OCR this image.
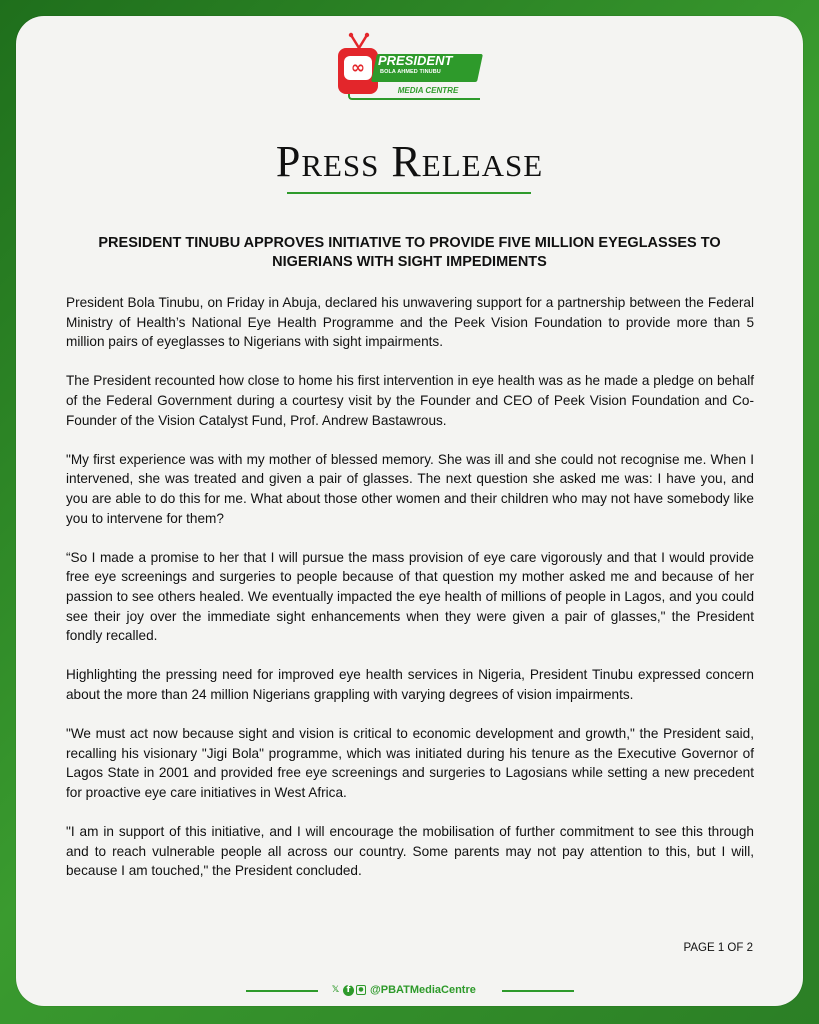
∞ PRESIDENT
BOLA AHMED TINUBU
MEDIA CENTRE
Press Release
PRESIDENT TINUBU APPROVES INITIATIVE TO PROVIDE FIVE MILLION EYEGLASSES TO NIGERIANS WITH SIGHT IMPEDIMENTS

President Bola Tinubu, on Friday in Abuja, declared his unwavering support for a partnership between the Federal Ministry of Health’s National Eye Health Programme and the Peek Vision Foundation to provide more than 5 million pairs of eyeglasses to Nigerians with sight impairments.

The President recounted how close to home his first intervention in eye health was as he made a pledge on behalf of the Federal Government during a courtesy visit by the Founder and CEO of Peek Vision Foundation and Co-Founder of the Vision Catalyst Fund, Prof. Andrew Bastawrous.

"My first experience was with my mother of blessed memory. She was ill and she could not recognise me. When I intervened, she was treated and given a pair of glasses. The next question she asked me was: I have you, and you are able to do this for me. What about those other women and their children who may not have somebody like you to intervene for them?

“So I made a promise to her that I will pursue the mass provision of eye care vigorously and that I would provide free eye screenings and surgeries to people because of that question my mother asked me and because of her passion to see others healed. We eventually impacted the eye health of millions of people in Lagos, and you could see their joy over the immediate sight enhancements when they were given a pair of glasses," the President fondly recalled.

Highlighting the pressing need for improved eye health services in Nigeria, President Tinubu expressed concern about the more than 24 million Nigerians grappling with varying degrees of vision impairments.

"We must act now because sight and vision is critical to economic development and growth," the President said, recalling his visionary "Jigi Bola" programme, which was initiated during his tenure as the Executive Governor of Lagos State in 2001 and provided free eye screenings and surgeries to Lagosians while setting a new precedent for proactive eye care initiatives in West Africa.

"I am in support of this initiative, and I will encourage the mobilisation of further commitment to see this through and to reach vulnerable people all across our country. Some parents may not pay attention to this, but I will, because I am touched," the President concluded.

PAGE 1 OF 2
𝕏 f	● @PBATMediaCentre
